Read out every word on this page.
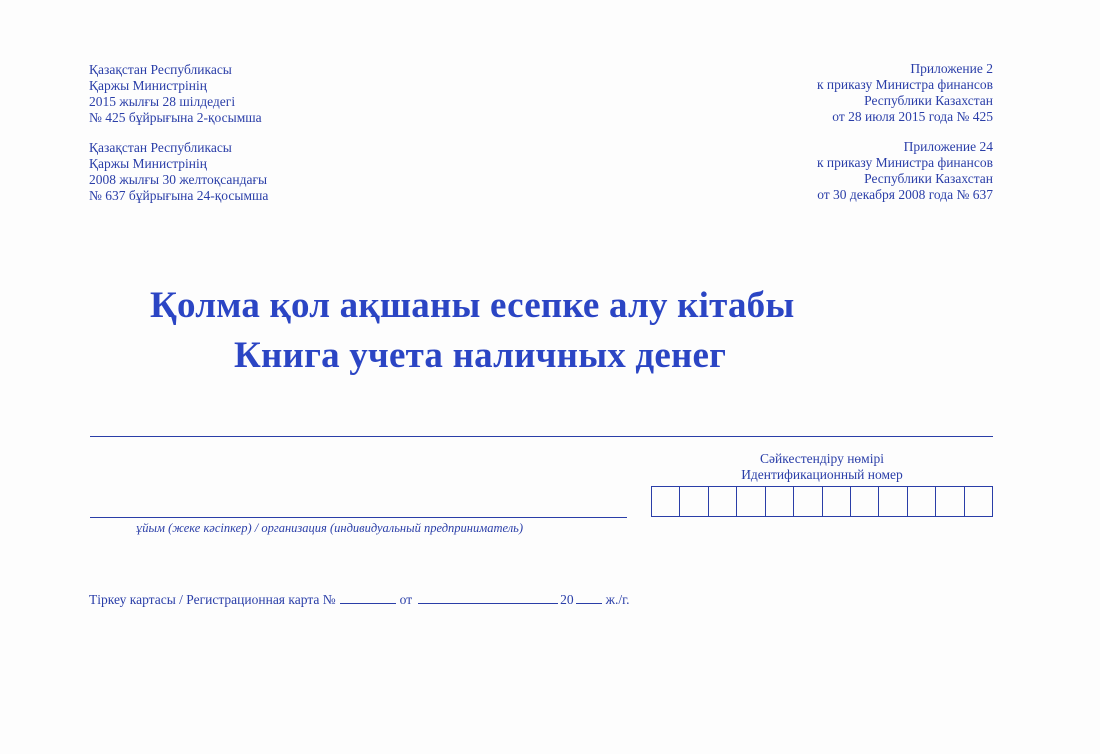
Қазақстан Республикасы
Қаржы Министрінің
2015 жылғы 28 шілдедегі
№ 425 бұйрығына 2-қосымша
Қазақстан Республикасы
Қаржы Министрінің
2008 жылғы 30 желтоқсандағы
№ 637 бұйрығына 24-қосымша
Приложение 2
к приказу Министра финансов
Республики Казахстан
от 28 июля 2015 года № 425
Приложение 24
к приказу Министра финансов
Республики Казахстан
от 30 декабря 2008 года № 637
Қолма қол ақшаны есепке алу кітабы
Книга учета наличных денег
Сәйкестендіру нөмірі
Идентификационный номер
ұйым (жеке кәсіпкер) / организация (индивидуальный предприниматель)
Тіркеу картасы / Регистрационная карта №	от	20 ж./г.
